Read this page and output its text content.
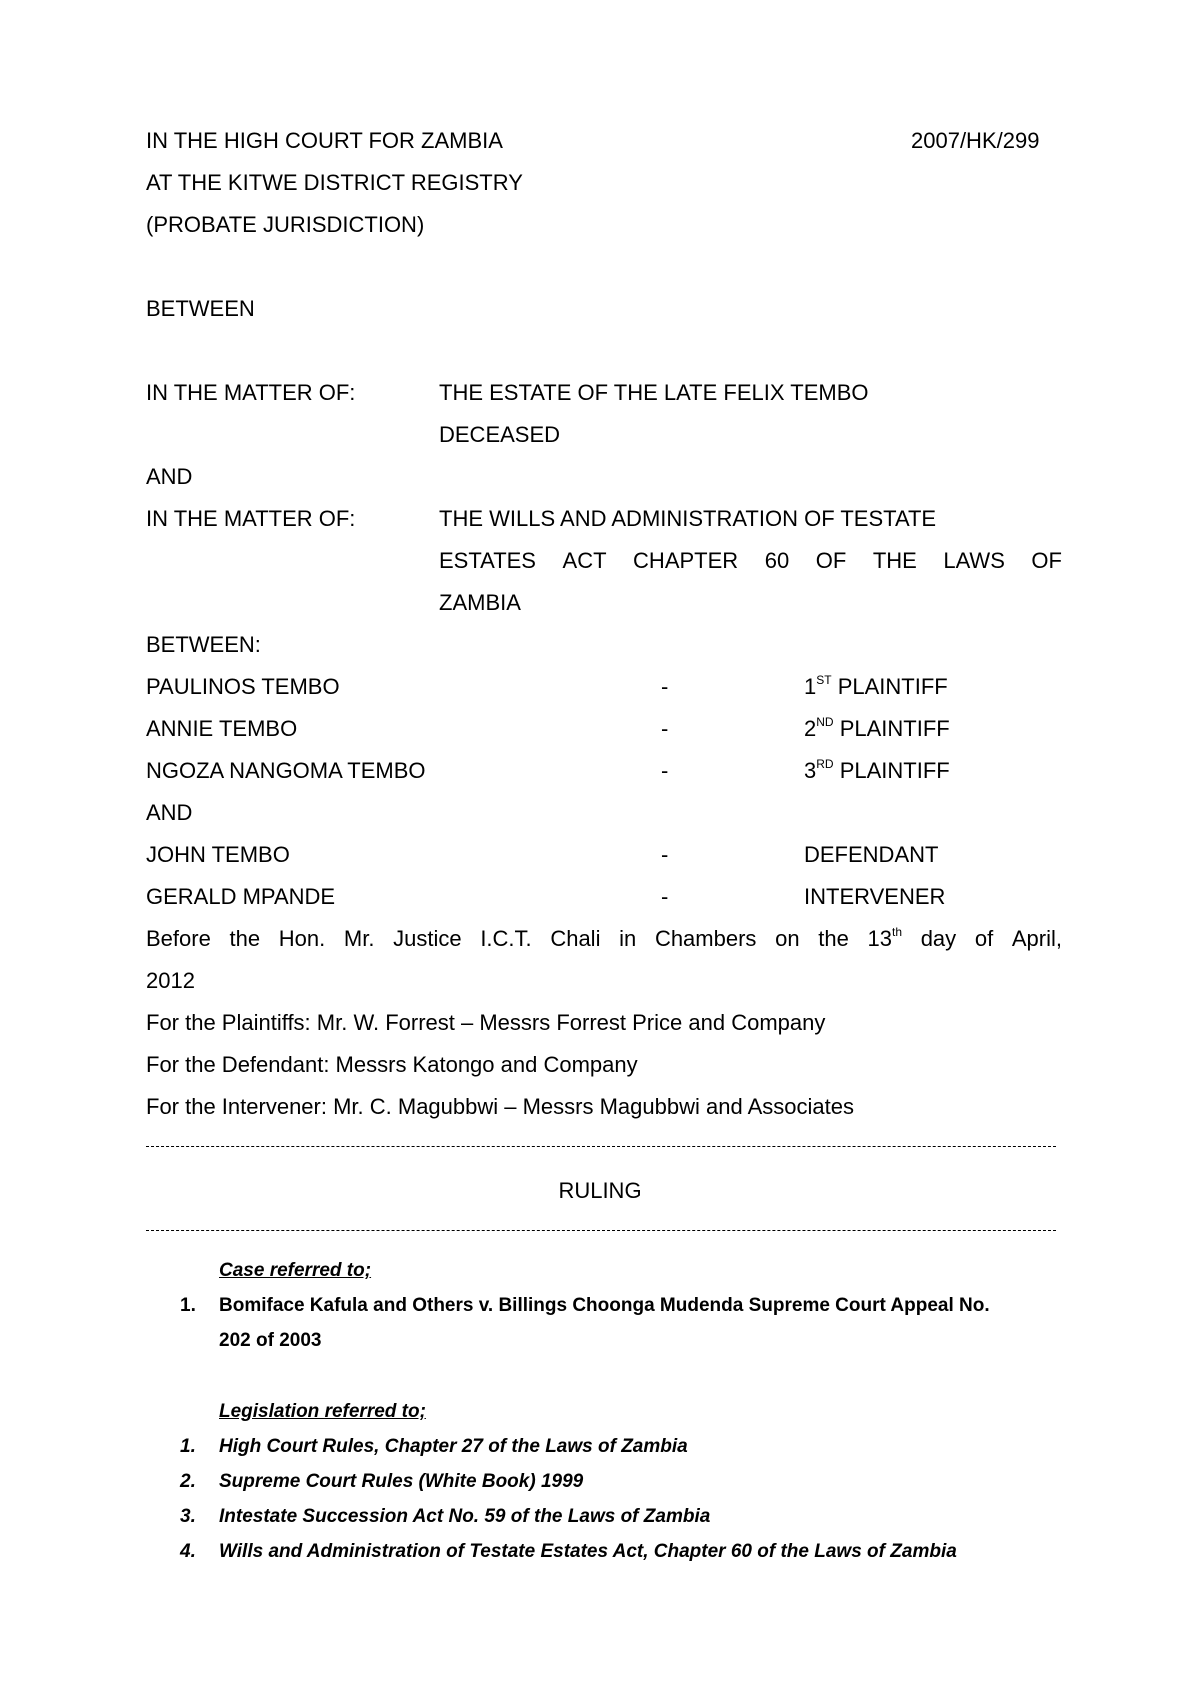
IN THE HIGH COURT FOR ZAMBIA	2007/HK/299
AT THE KITWE DISTRICT REGISTRY
(PROBATE JURISDICTION)
BETWEEN
IN THE MATTER OF:	THE ESTATE OF THE LATE FELIX TEMBO
DECEASED
AND
IN THE MATTER OF:	THE WILLS AND ADMINISTRATION OF TESTATE
ESTATES ACT CHAPTER 60 OF THE LAWS OF
ZAMBIA
BETWEEN:
PAULINOS TEMBO	-	1ST PLAINTIFF
ANNIE TEMBO	-	2ND PLAINTIFF
NGOZA NANGOMA TEMBO	-	3RD PLAINTIFF
AND
JOHN TEMBO	-	DEFENDANT
GERALD MPANDE	-	INTERVENER
Before the Hon. Mr. Justice I.C.T. Chali in Chambers on the 13th day of April,
2012
For the Plaintiffs: Mr. W. Forrest – Messrs Forrest Price and Company
For the Defendant: Messrs Katongo and Company
For the Intervener: Mr. C. Magubbwi – Messrs Magubbwi and Associates
RULING
Case referred to;
1. Bomiface Kafula and Others v. Billings Choonga Mudenda Supreme Court Appeal No.
202 of 2003
Legislation referred to;
1. High Court Rules, Chapter 27 of the Laws of Zambia
2. Supreme Court Rules (White Book) 1999
3. Intestate Succession Act No. 59 of the Laws of Zambia
4. Wills and Administration of Testate Estates Act, Chapter 60 of the Laws of Zambia
